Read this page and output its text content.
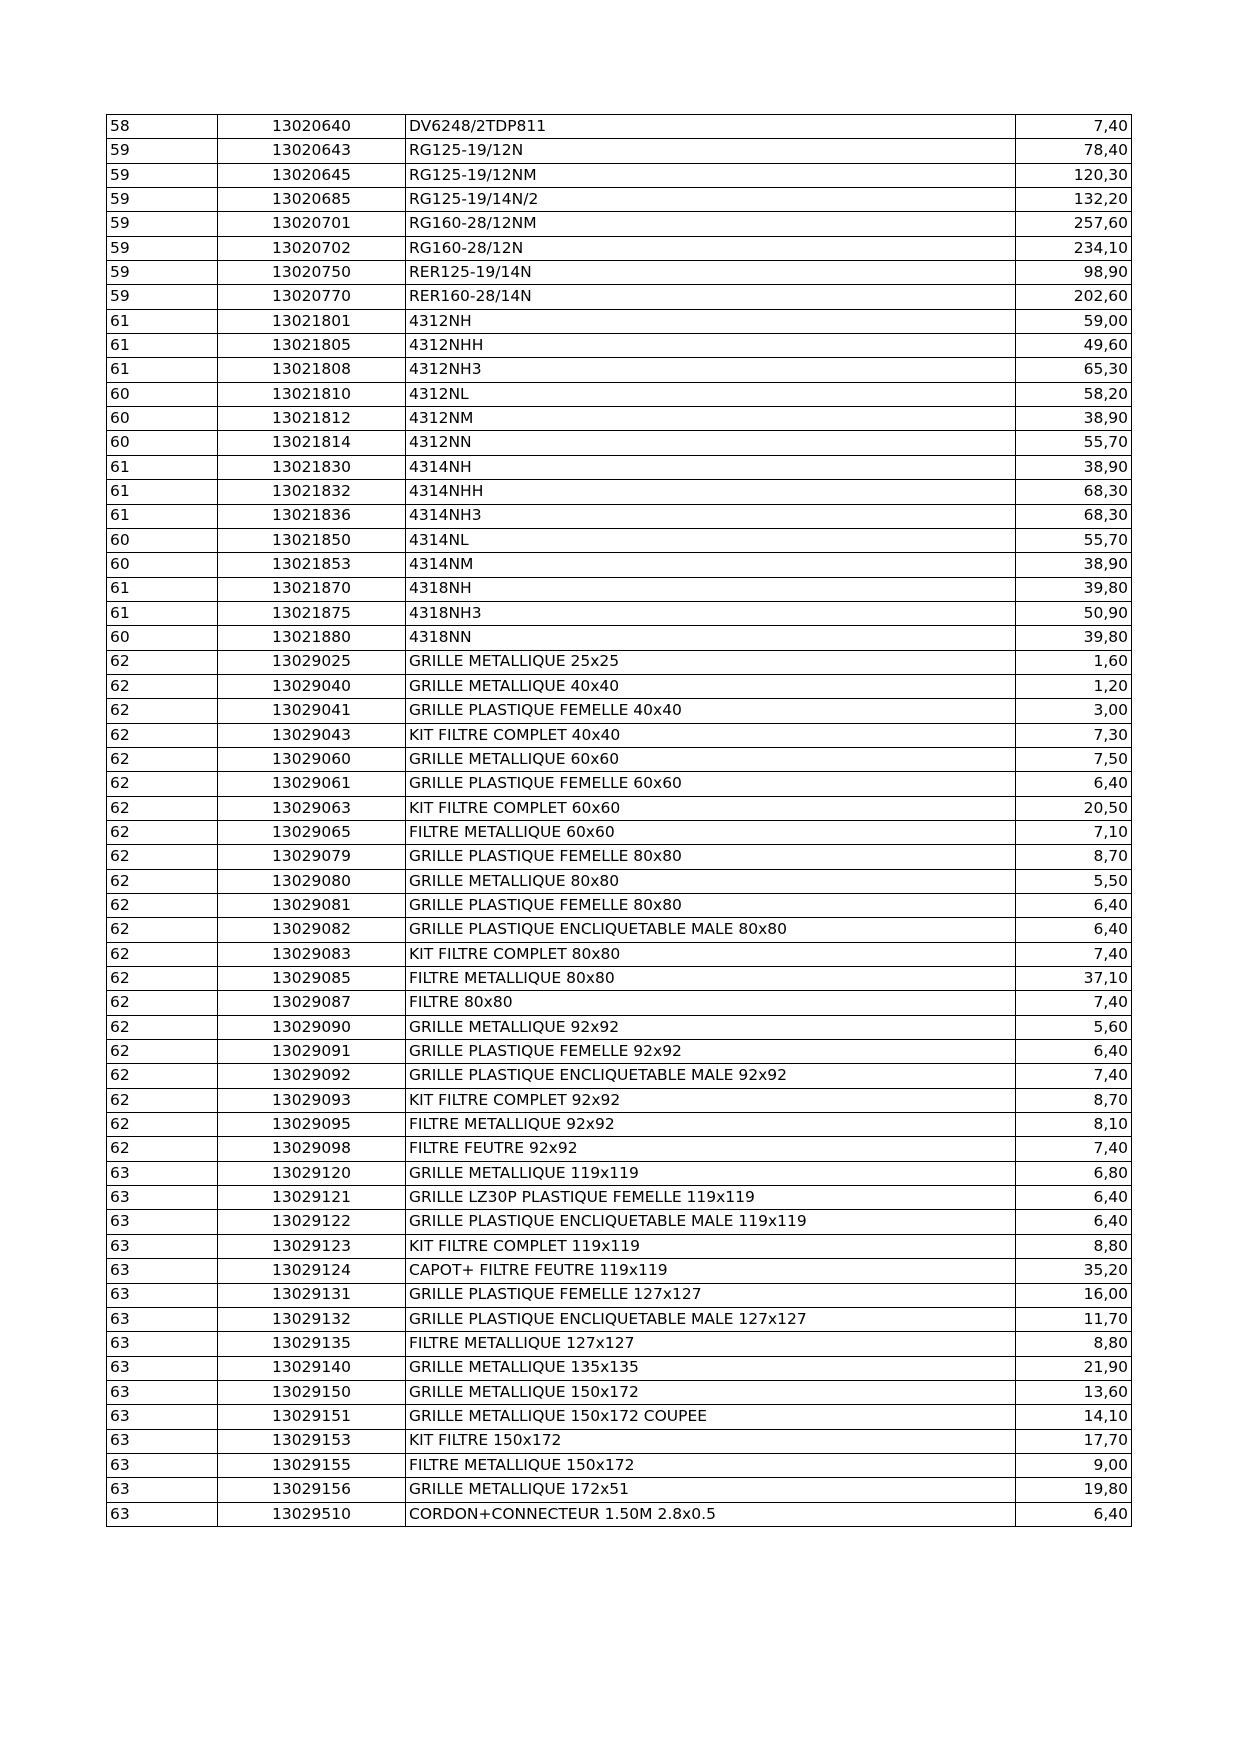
58	13020640	DV6248/2TDP811	7,40
59	13020643	RG125-19/12N	78,40
59	13020645	RG125-19/12NM	120,30
59	13020685	RG125-19/14N/2	132,20
59	13020701	RG160-28/12NM	257,60
59	13020702	RG160-28/12N	234,10
59	13020750	RER125-19/14N	98,90
59	13020770	RER160-28/14N	202,60
61	13021801	4312NH	59,00
61	13021805	4312NHH	49,60
61	13021808	4312NH3	65,30
60	13021810	4312NL	58,20
60	13021812	4312NM	38,90
60	13021814	4312NN	55,70
61	13021830	4314NH	38,90
61	13021832	4314NHH	68,30
61	13021836	4314NH3	68,30
60	13021850	4314NL	55,70
60	13021853	4314NM	38,90
61	13021870	4318NH	39,80
61	13021875	4318NH3	50,90
60	13021880	4318NN	39,80
62	13029025	GRILLE METALLIQUE 25x25	1,60
62	13029040	GRILLE METALLIQUE 40x40	1,20
62	13029041	GRILLE PLASTIQUE FEMELLE 40x40	3,00
62	13029043	KIT FILTRE COMPLET 40x40	7,30
62	13029060	GRILLE METALLIQUE 60x60	7,50
62	13029061	GRILLE PLASTIQUE FEMELLE 60x60	6,40
62	13029063	KIT FILTRE COMPLET 60x60	20,50
62	13029065	FILTRE METALLIQUE 60x60	7,10
62	13029079	GRILLE PLASTIQUE FEMELLE 80x80	8,70
62	13029080	GRILLE METALLIQUE 80x80	5,50
62	13029081	GRILLE PLASTIQUE FEMELLE 80x80	6,40
62	13029082	GRILLE PLASTIQUE ENCLIQUETABLE MALE 80x80	6,40
62	13029083	KIT FILTRE COMPLET 80x80	7,40
62	13029085	FILTRE METALLIQUE 80x80	37,10
62	13029087	FILTRE 80x80	7,40
62	13029090	GRILLE METALLIQUE 92x92	5,60
62	13029091	GRILLE PLASTIQUE FEMELLE 92x92	6,40
62	13029092	GRILLE PLASTIQUE ENCLIQUETABLE MALE 92x92	7,40
62	13029093	KIT FILTRE COMPLET 92x92	8,70
62	13029095	FILTRE METALLIQUE 92x92	8,10
62	13029098	FILTRE FEUTRE 92x92	7,40
63	13029120	GRILLE METALLIQUE 119x119	6,80
63	13029121	GRILLE LZ30P PLASTIQUE FEMELLE 119x119	6,40
63	13029122	GRILLE PLASTIQUE ENCLIQUETABLE MALE 119x119	6,40
63	13029123	KIT FILTRE COMPLET 119x119	8,80
63	13029124	CAPOT+ FILTRE FEUTRE 119x119	35,20
63	13029131	GRILLE PLASTIQUE FEMELLE 127x127	16,00
63	13029132	GRILLE PLASTIQUE ENCLIQUETABLE MALE 127x127	11,70
63	13029135	FILTRE METALLIQUE 127x127	8,80
63	13029140	GRILLE METALLIQUE 135x135	21,90
63	13029150	GRILLE METALLIQUE 150x172	13,60
63	13029151	GRILLE METALLIQUE 150x172 COUPEE	14,10
63	13029153	KIT FILTRE 150x172	17,70
63	13029155	FILTRE METALLIQUE 150x172	9,00
63	13029156	GRILLE METALLIQUE 172x51	19,80
63	13029510	CORDON+CONNECTEUR 1.50M 2.8x0.5	6,40
